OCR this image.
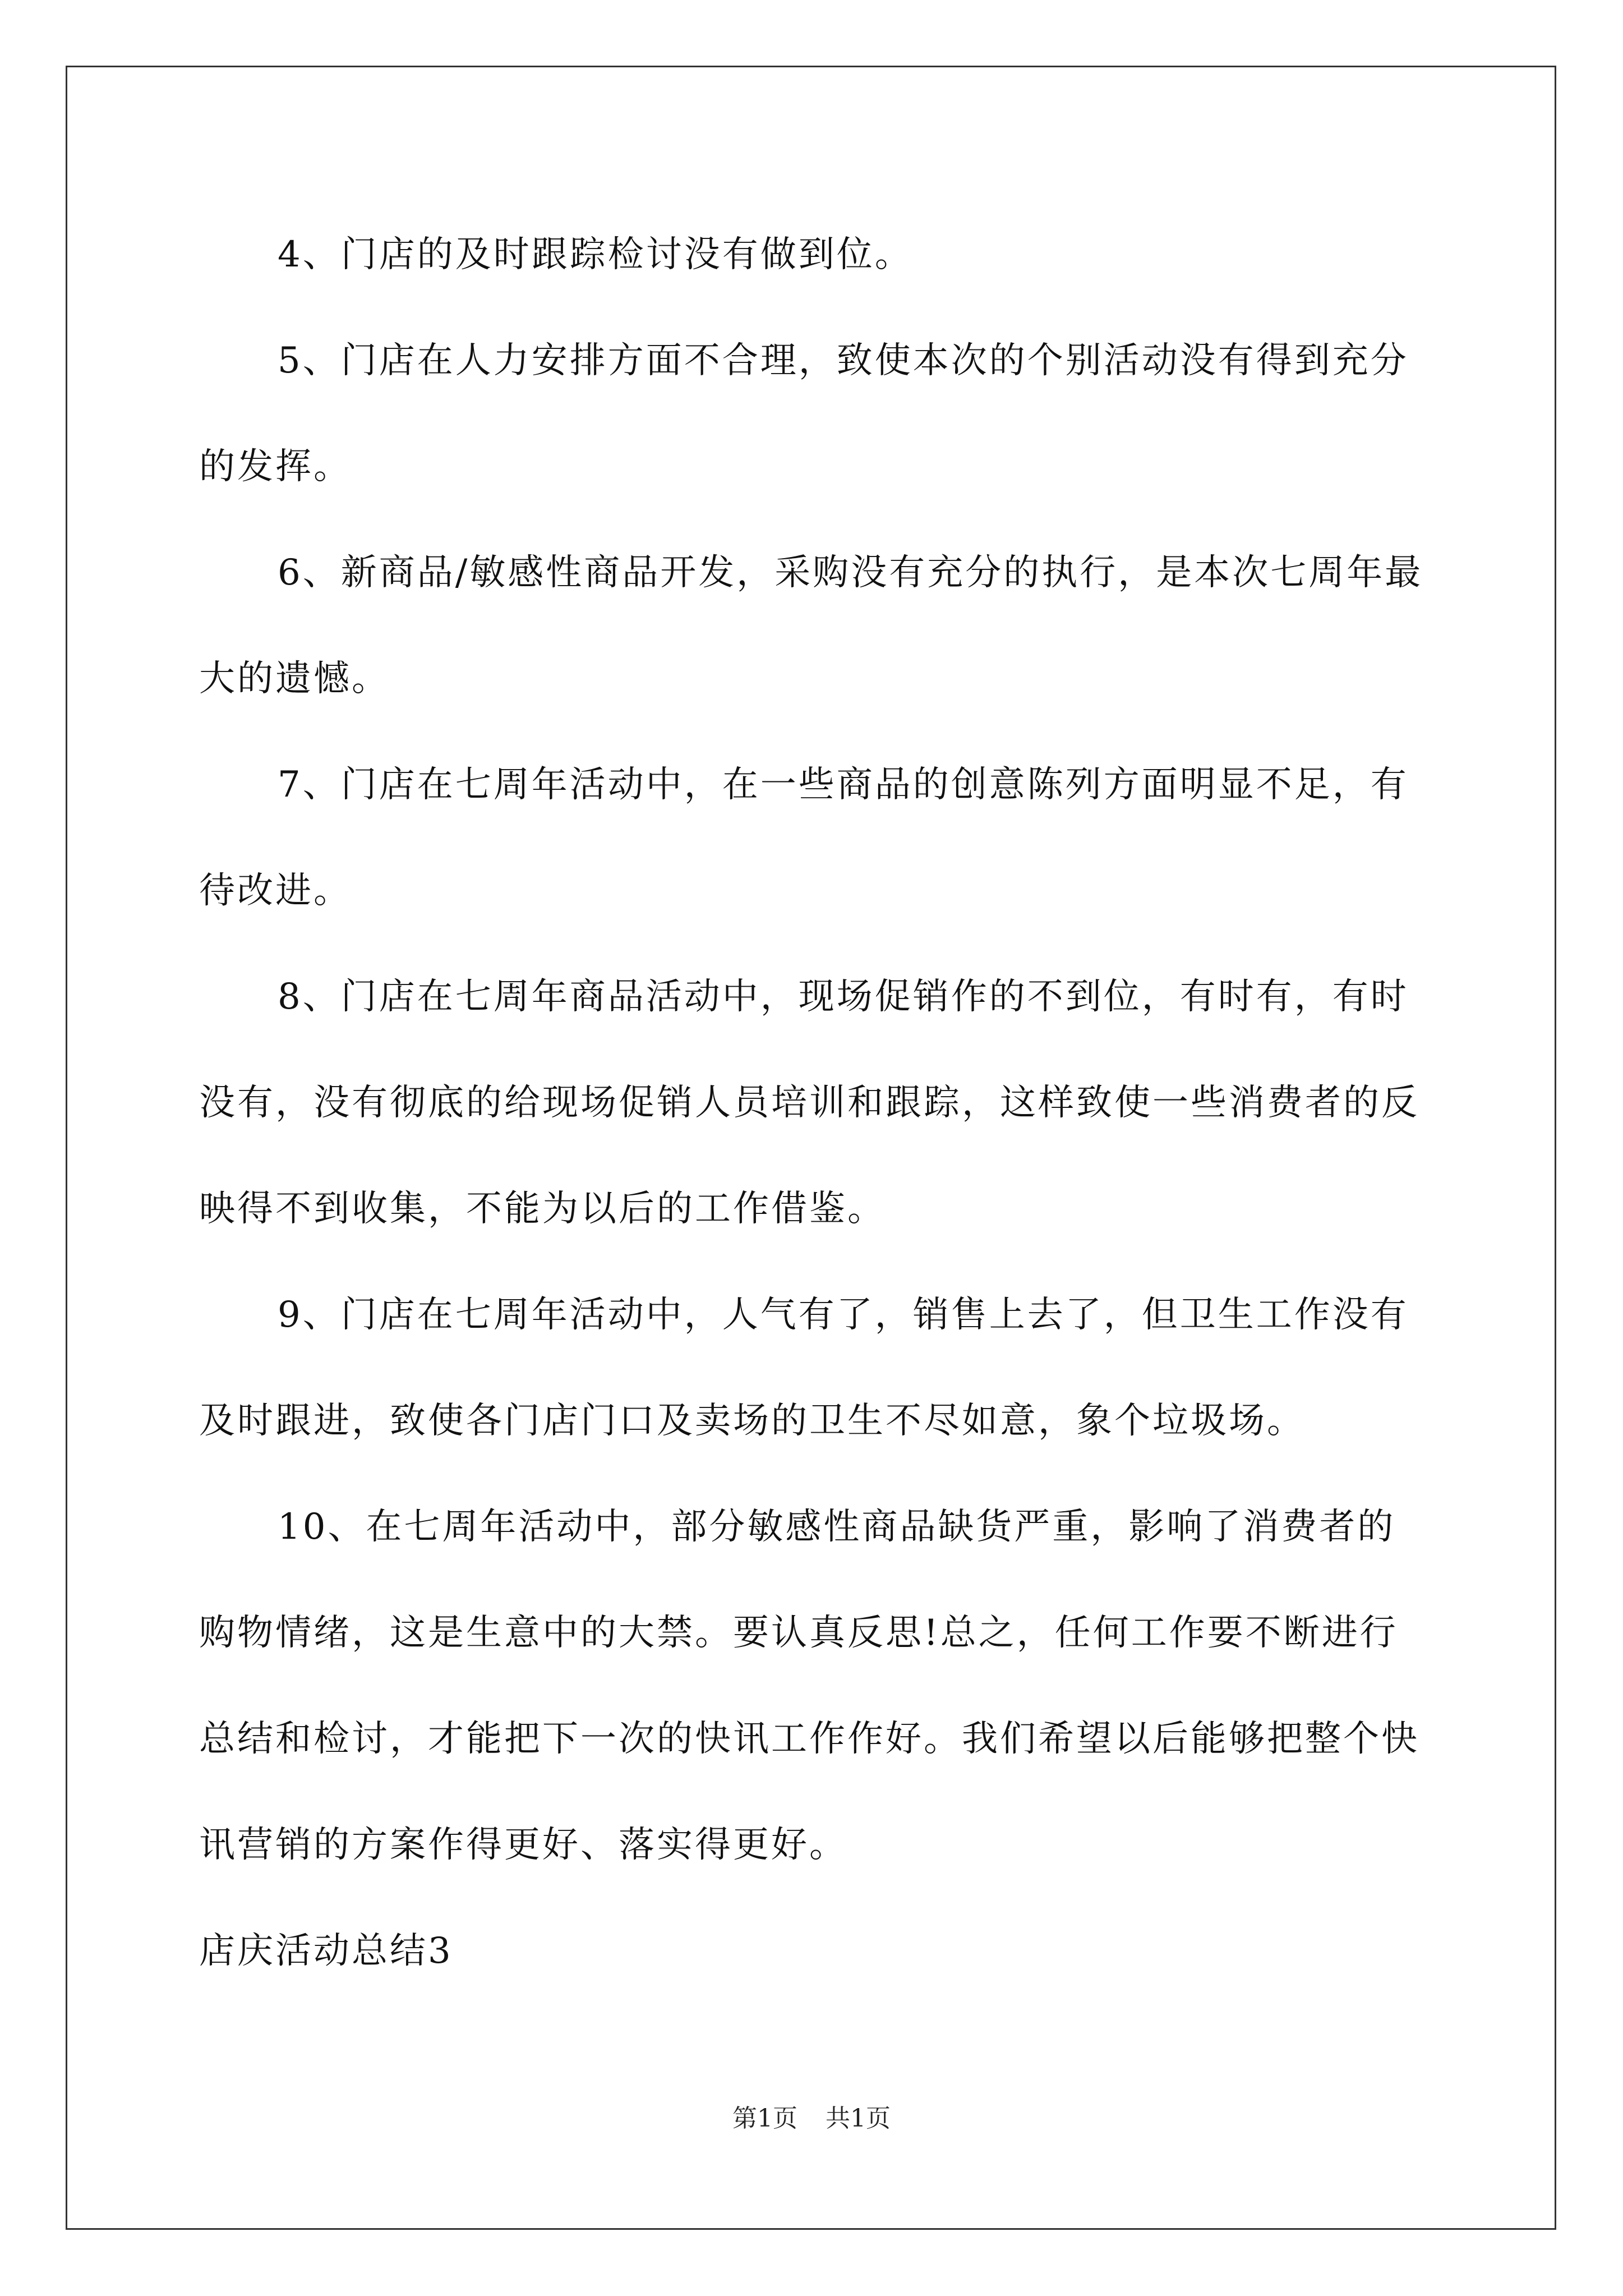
4、门店的及时跟踪检讨没有做到位。

5、门店在人力安排方面不合理，致使本次的个别活动没有得到充分的发挥。

6、新商品/敏感性商品开发，采购没有充分的执行，是本次七周年最大的遗憾。

7、门店在七周年活动中，在一些商品的创意陈列方面明显不足，有待改进。

8、门店在七周年商品活动中，现场促销作的不到位，有时有，有时没有，没有彻底的给现场促销人员培训和跟踪，这样致使一些消费者的反映得不到收集，不能为以后的工作借鉴。

9、门店在七周年活动中，人气有了，销售上去了，但卫生工作没有及时跟进，致使各门店门口及卖场的卫生不尽如意，象个垃圾场。

10、在七周年活动中，部分敏感性商品缺货严重，影响了消费者的购物情绪，这是生意中的大禁。要认真反思!总之，任何工作要不断进行总结和检讨，才能把下一次的快讯工作作好。我们希望以后能够把整个快讯营销的方案作得更好、落实得更好。

店庆活动总结3

第1页 共1页
